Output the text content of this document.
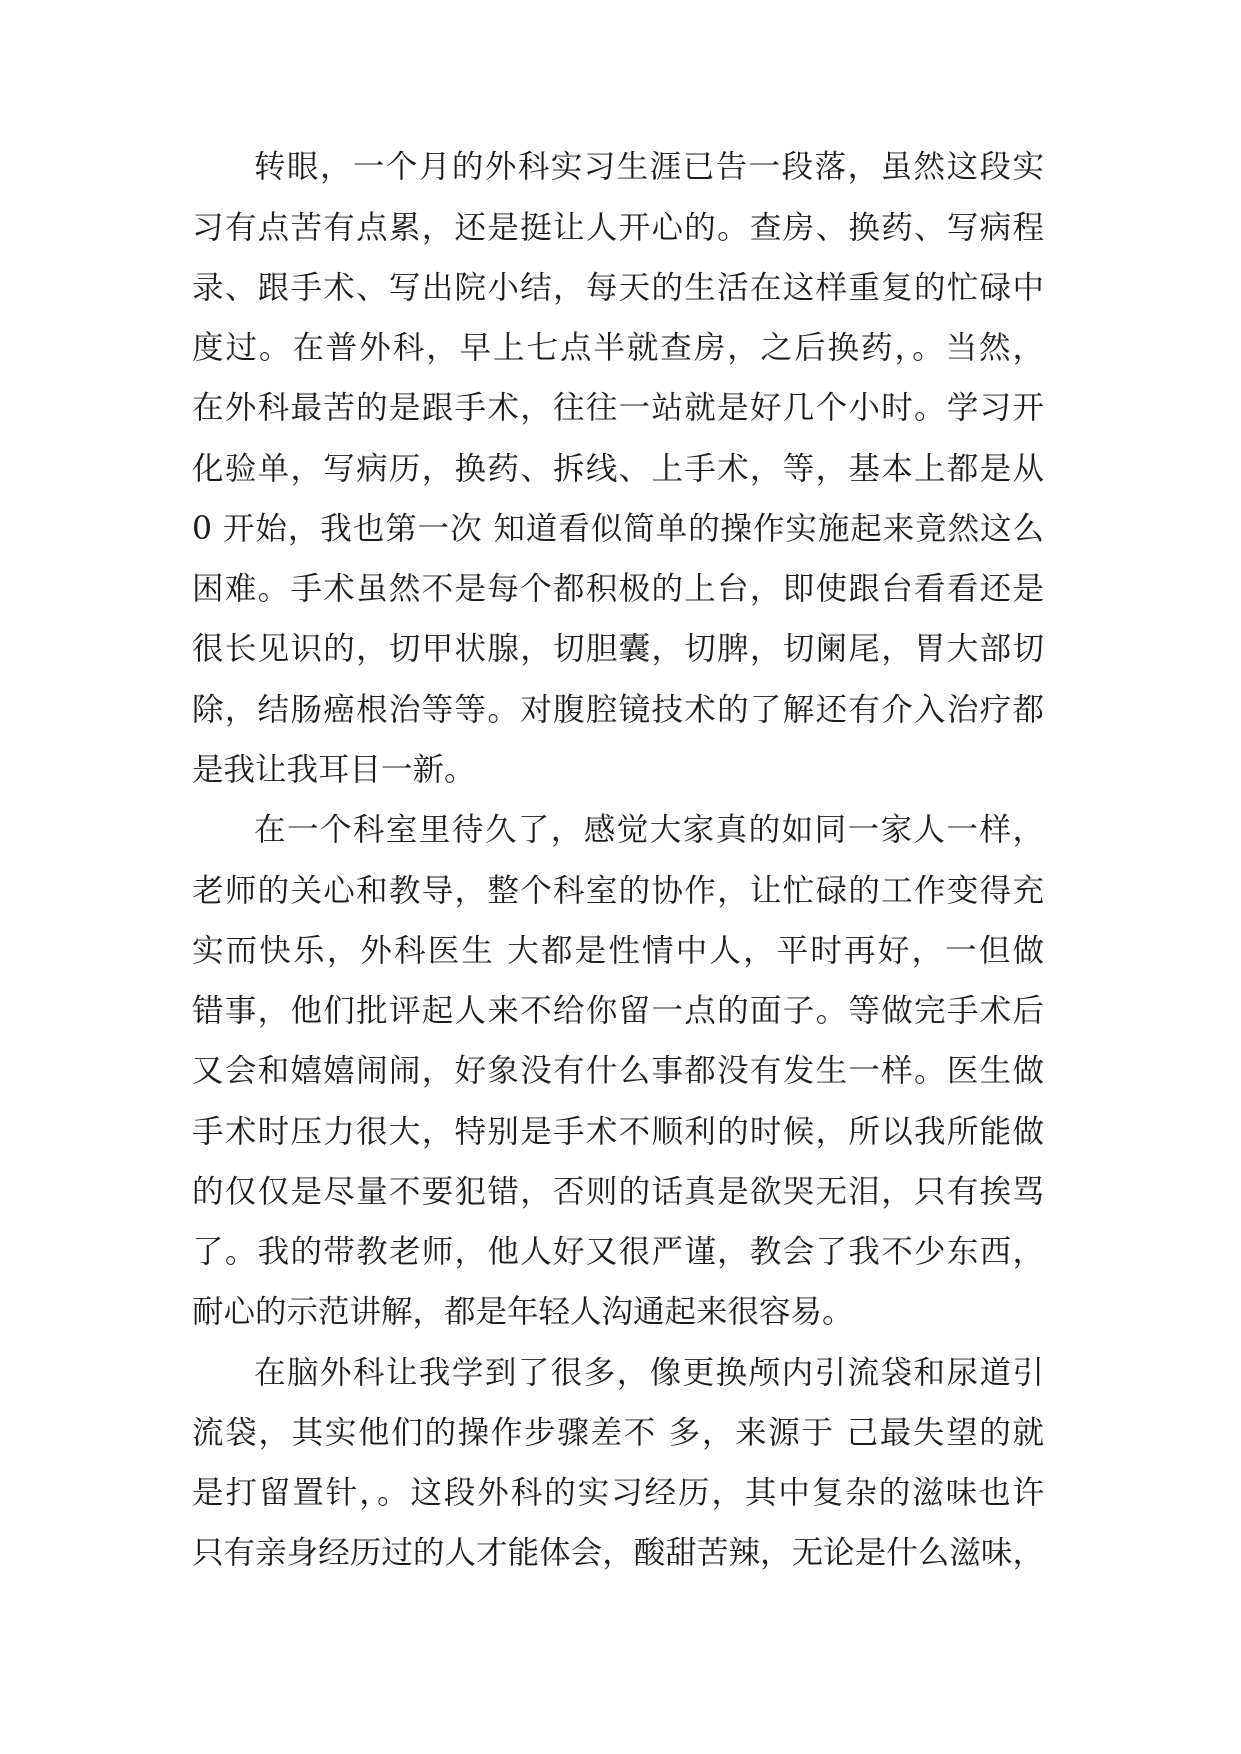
转眼，一个月的外科实习生涯已告一段落，虽然这段实
习有点苦有点累，还是挺让人开心的。查房、换药、写病程
录、跟手术、写出院小结，每天的生活在这样重复的忙碌中
度过。在普外科，早上七点半就查房，之后换药，。当然，
在外科最苦的是跟手术，往往一站就是好几个小时。学习开
化验单，写病历，换药、拆线、上手术，等，基本上都是从
0 开始，我也第一次 知道看似简单的操作实施起来竟然这么
困难。手术虽然不是每个都积极的上台，即使跟台看看还是
很长见识的，切甲状腺，切胆囊，切脾，切阑尾，胃大部切
除，结肠癌根治等等。对腹腔镜技术的了解还有介入治疗都
是我让我耳目一新。
在一个科室里待久了，感觉大家真的如同一家人一样，
老师的关心和教导，整个科室的协作，让忙碌的工作变得充
实而快乐，外科医生 大都是性情中人，平时再好，一但做
错事，他们批评起人来不给你留一点的面子。等做完手术后
又会和嬉嬉闹闹，好象没有什么事都没有发生一样。医生做
手术时压力很大，特别是手术不顺利的时候，所以我所能做
的仅仅是尽量不要犯错，否则的话真是欲哭无泪，只有挨骂
了。我的带教老师，他人好又很严谨，教会了我不少东西，
耐心的示范讲解，都是年轻人沟通起来很容易。
在脑外科让我学到了很多，像更换颅内引流袋和尿道引
流袋，其实他们的操作步骤差不 多，来源于 己最失望的就
是打留置针，。这段外科的实习经历，其中复杂的滋味也许
只有亲身经历过的人才能体会，酸甜苦辣，无论是什么滋味，
